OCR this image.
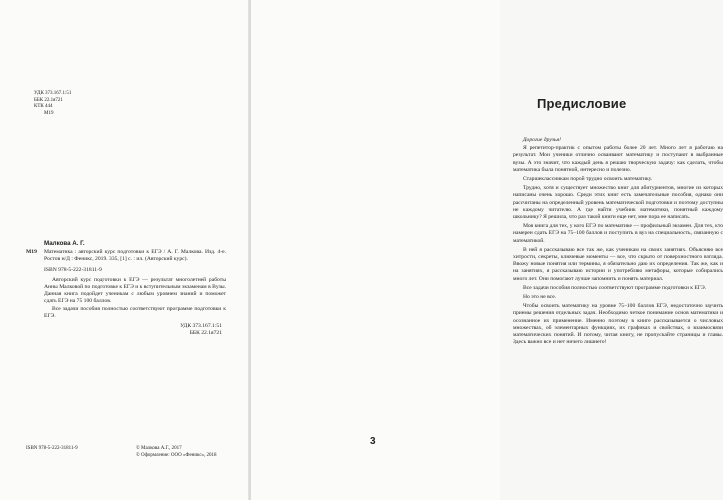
УДК 373.167.1:51
ББК 22.1я721
КТК 444
М19
Малкова А. Г.
М19 Математика : авторский курс подготовки к ЕГЭ / А. Г. Малкова. Изд. 4-е. Ростов н/Д : Феникс, 2019. 335, [1] с. : ил. (Авторский курс).
ISBN 978-5-222-31811-9
Авторский курс подготовки к ЕГЭ — результат многолетней работы Анны Малковой по подготовке к ЕГЭ и к вступительным экзаменам в Вузы. Данная книга подойдет ученикам с любым уровнем знаний и поможет сдать ЕГЭ на 75 100 баллов.
Все задачи пособия полностью соответствуют программе подготовки к ЕГЭ.
УДК 373.167.1:51
ББК 22.1я721
ISBN 978-5-222-31811-9	© Малкова А.Г., 2017
© Оформление: ООО «Феникс», 2018
Предисловие

Дорогие друзья!

Я репетитор-практик с опытом работы более 20 лет. Много лет я работаю на результат. Мои ученики отлично осваивают математику и поступают в выбранные вузы. А это значит, что каждый день я решаю творческую задачу: как сделать, чтобы математика была понятной, интересно и полезно.

Старшеклассникам порой трудно освоить математику.

Трудно, хотя и существует множество книг для абитуриентов, многие из которых написаны очень хорошо. Среди этих книг есть замечательные пособия, однако они рассчитаны на определенный уровень математической подготовки и поэтому доступны не каждому читателю. А где найти учебник математики, понятный каждому школьнику? Я решила, что раз такой книги еще нет, мне пора ее написать.

Моя книга для тех, у кого ЕГЭ по математике — профильный экзамен. Для тех, кто намерен сдать ЕГЭ на 75–100 баллов и поступить в вуз на специальность, связанную с математикой.

В ней я рассказываю все так же, как ученикам на своих занятиях. Объясняю все хитрости, секреты, ключевые моменты — все, что скрыто от поверхностного взгляда. Ввожу новые понятия или термины, я обязательно даю их определения. Так же, как и на занятиях, я рассказываю истории и употребляю метафоры, которые собирались много лет. Они помогают лучше запомнить и понять материал.

Все задачи пособия полностью соответствуют программе подготовки к ЕГЭ.

Но это не все.

Чтобы освоить математику на уровне 75–100 баллов ЕГЭ, недостаточно заучить приемы решения отдельных задач. Необходимо четкое понимание основ математики и осознанное их применение. Именно поэтому в книге рассказывается о числовых множествах, об элементарных функциях, их графиках и свойствах, о взаимосвязи математических понятий. И потому, читая книгу, не пропускайте страницы и главы. Здесь важно все и нет ничего лишнего!

3
